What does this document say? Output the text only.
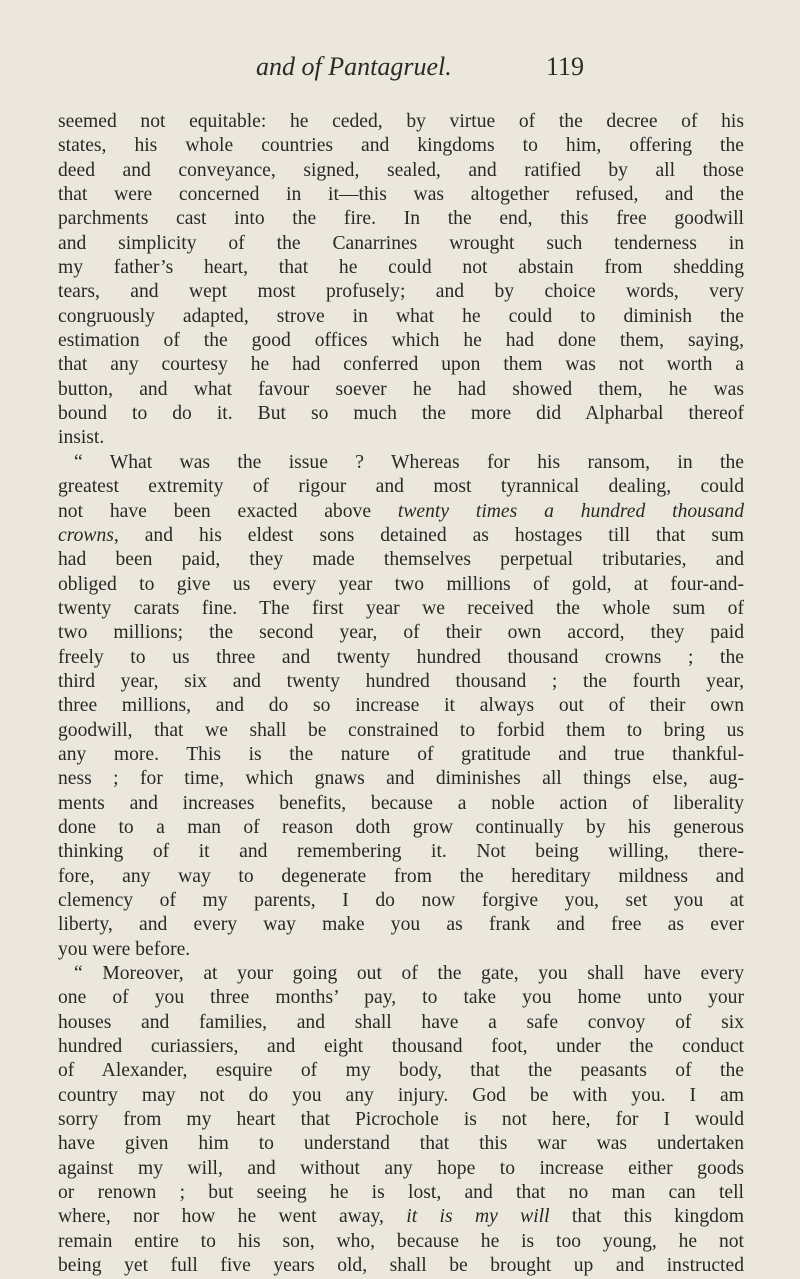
and of Pantagruel.	119
seemed not equitable: he ceded, by virtue of the decree of his
states, his whole countries and kingdoms to him, offering the
deed and conveyance, signed, sealed, and ratified by all those
that were concerned in it—this was altogether refused, and the
parchments cast into the fire. In the end, this free goodwill
and simplicity of the Canarrines wrought such tenderness in
my father’s heart, that he could not abstain from shedding
tears, and wept most profusely; and by choice words, very
congruously adapted, strove in what he could to diminish the
estimation of the good offices which he had done them, saying,
that any courtesy he had conferred upon them was not worth a
button, and what favour soever he had showed them, he was
bound to do it. But so much the more did Alpharbal thereof
insist.
“ What was the issue ? Whereas for his ransom, in the
greatest extremity of rigour and most tyrannical dealing, could
not have been exacted above twenty times a hundred thousand
crowns, and his eldest sons detained as hostages till that sum
had been paid, they made themselves perpetual tributaries, and
obliged to give us every year two millions of gold, at four-and-
twenty carats fine. The first year we received the whole sum of
two millions; the second year, of their own accord, they paid
freely to us three and twenty hundred thousand crowns ; the
third year, six and twenty hundred thousand ; the fourth year,
three millions, and do so increase it always out of their own
goodwill, that we shall be constrained to forbid them to bring us
any more. This is the nature of gratitude and true thankful-
ness ; for time, which gnaws and diminishes all things else, aug-
ments and increases benefits, because a noble action of liberality
done to a man of reason doth grow continually by his generous
thinking of it and remembering it. Not being willing, there-
fore, any way to degenerate from the hereditary mildness and
clemency of my parents, I do now forgive you, set you at
liberty, and every way make you as frank and free as ever
you were before.
“ Moreover, at your going out of the gate, you shall have every
one of you three months’ pay, to take you home unto your
houses and families, and shall have a safe convoy of six
hundred curiassiers, and eight thousand foot, under the conduct
of Alexander, esquire of my body, that the peasants of the
country may not do you any injury. God be with you. I am
sorry from my heart that Picrochole is not here, for I would
have given him to understand that this war was undertaken
against my will, and without any hope to increase either goods
or renown ; but seeing he is lost, and that no man can tell
where, nor how he went away, it is my will that this kingdom
remain entire to his son, who, because he is too young, he not
being yet full five years old, shall be brought up and instructed
